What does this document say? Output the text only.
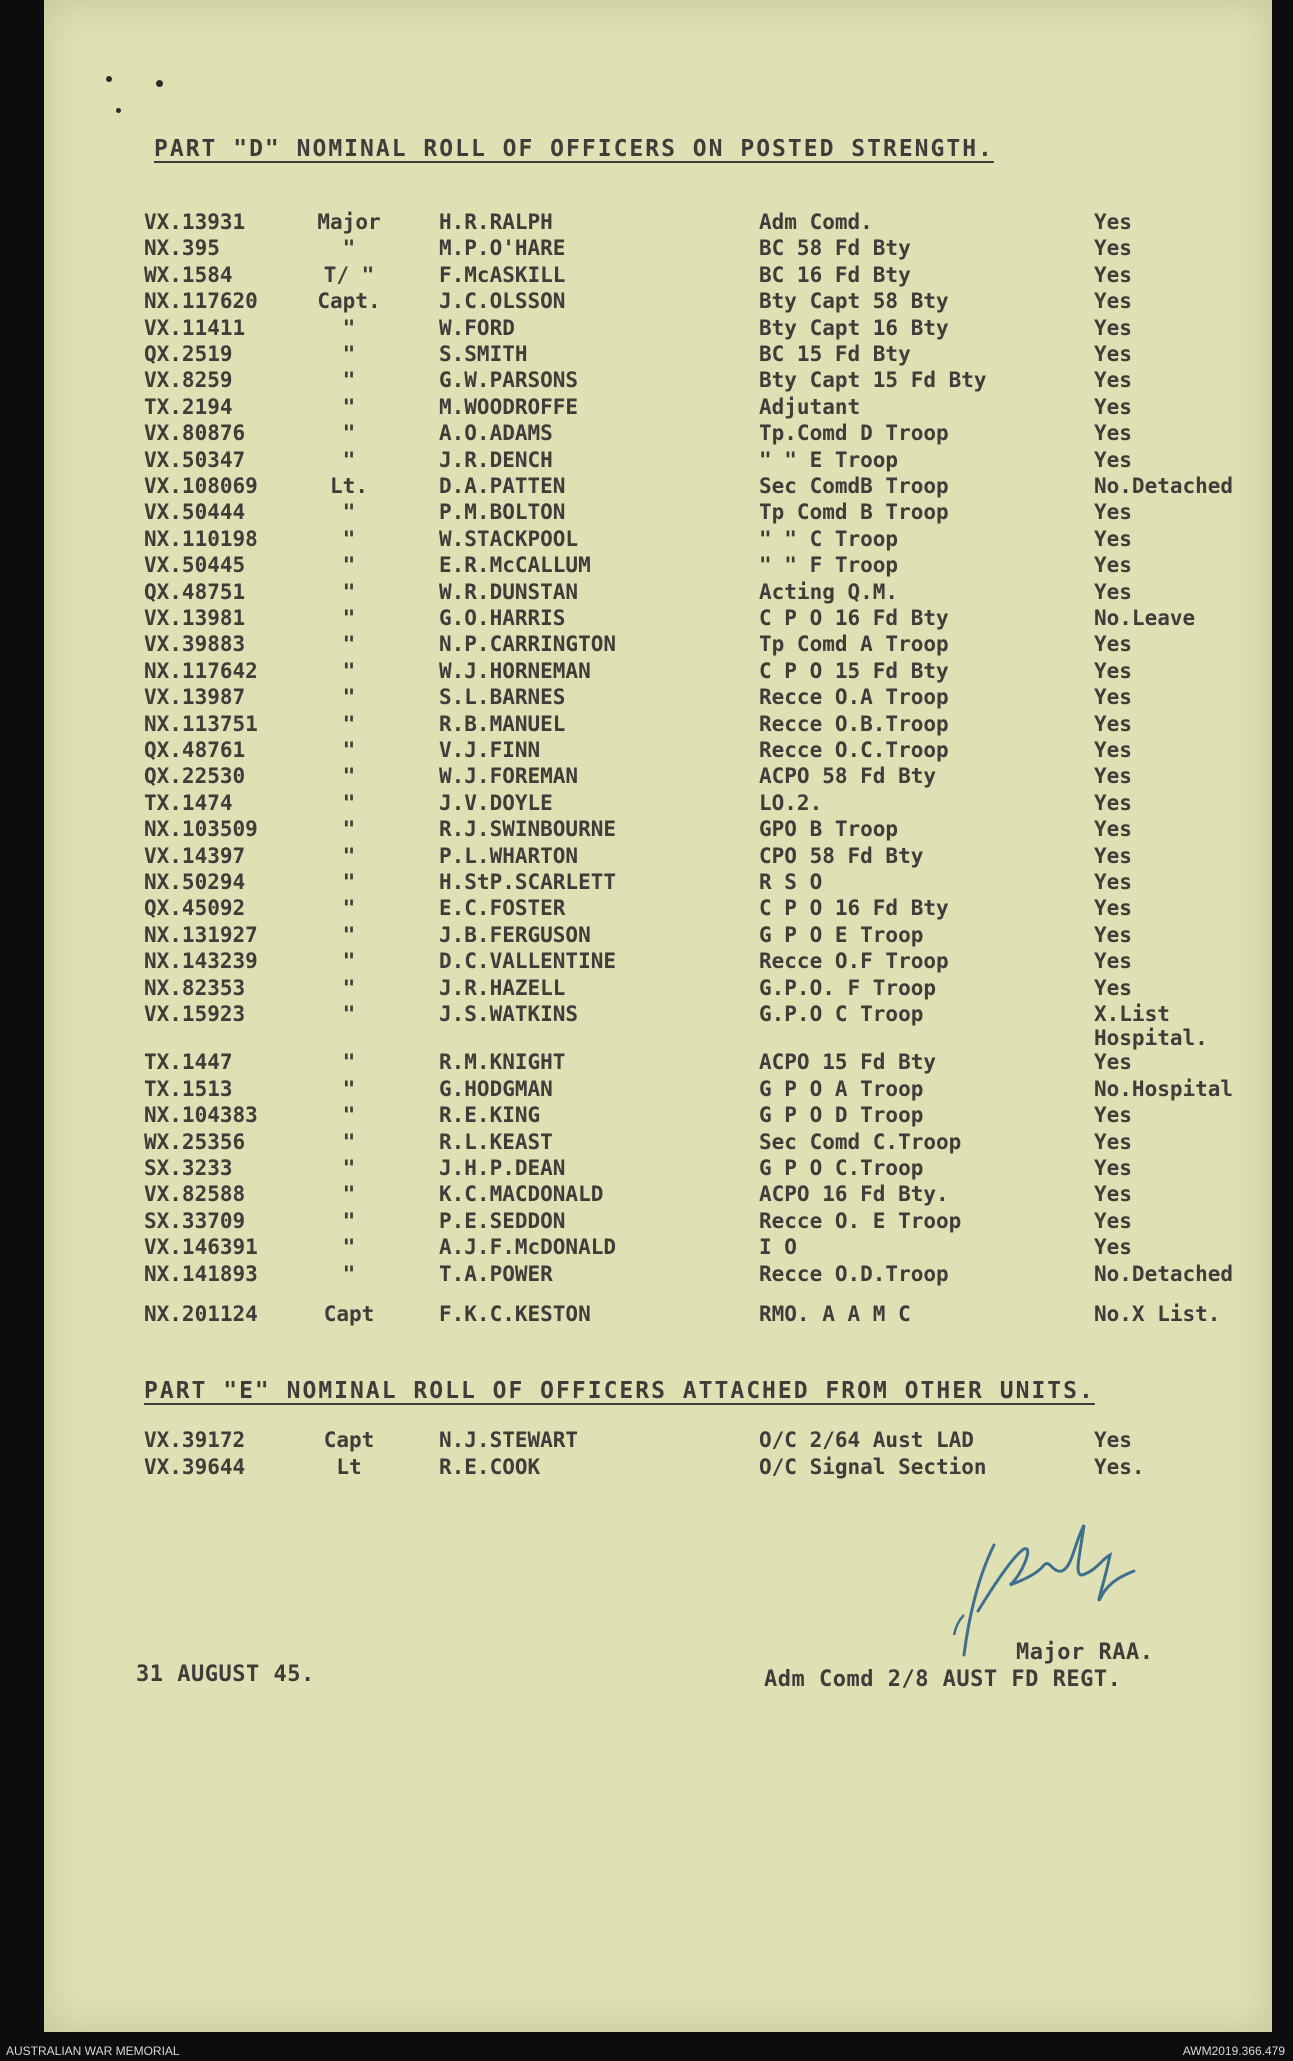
PART "D" NOMINAL ROLL OF OFFICERS ON POSTED STRENGTH.
VX.13931	Major	H.R.RALPH	Adm Comd.	Yes
NX.395	"	M.P.O'HARE	BC 58 Fd Bty	Yes
WX.1584	T/ "	F.McASKILL	BC 16 Fd Bty	Yes
NX.117620	Capt.	J.C.OLSSON	Bty Capt 58 Bty	Yes
VX.11411	"	W.FORD	Bty Capt 16 Bty	Yes
QX.2519	"	S.SMITH	BC 15 Fd Bty	Yes
VX.8259	"	G.W.PARSONS	Bty Capt 15 Fd Bty	Yes
TX.2194	"	M.WOODROFFE	Adjutant	Yes
VX.80876	"	A.O.ADAMS	Tp.Comd D Troop	Yes
VX.50347	"	J.R.DENCH	" " E Troop	Yes
VX.108069	Lt.	D.A.PATTEN	Sec ComdB Troop	No.Detached
VX.50444	"	P.M.BOLTON	Tp Comd B Troop	Yes
NX.110198	"	W.STACKPOOL	" " C Troop	Yes
VX.50445	"	E.R.McCALLUM	" " F Troop	Yes
QX.48751	"	W.R.DUNSTAN	Acting Q.M.	Yes
VX.13981	"	G.O.HARRIS	C P O 16 Fd Bty	No.Leave
VX.39883	"	N.P.CARRINGTON	Tp Comd A Troop	Yes
NX.117642	"	W.J.HORNEMAN	C P O 15 Fd Bty	Yes
VX.13987	"	S.L.BARNES	Recce O.A Troop	Yes
NX.113751	"	R.B.MANUEL	Recce O.B.Troop	Yes
QX.48761	"	V.J.FINN	Recce O.C.Troop	Yes
QX.22530	"	W.J.FOREMAN	ACPO 58 Fd Bty	Yes
TX.1474	"	J.V.DOYLE	LO.2.	Yes
NX.103509	"	R.J.SWINBOURNE	GPO B Troop	Yes
VX.14397	"	P.L.WHARTON	CPO 58 Fd Bty	Yes
NX.50294	"	H.StP.SCARLETT	R S O	Yes
QX.45092	"	E.C.FOSTER	C P O 16 Fd Bty	Yes
NX.131927	"	J.B.FERGUSON	G P O E Troop	Yes
NX.143239	"	D.C.VALLENTINE	Recce O.F Troop	Yes
NX.82353	"	J.R.HAZELL	G.P.O. F Troop	Yes
VX.15923	"	J.S.WATKINS	G.P.O C Troop	X.List
Hospital.
TX.1447	"	R.M.KNIGHT	ACPO 15 Fd Bty	Yes
TX.1513	"	G.HODGMAN	G P O A Troop	No.Hospital
NX.104383	"	R.E.KING	G P O D Troop	Yes
WX.25356	"	R.L.KEAST	Sec Comd C.Troop	Yes
SX.3233	"	J.H.P.DEAN	G P O C.Troop	Yes
VX.82588	"	K.C.MACDONALD	ACPO 16 Fd Bty.	Yes
SX.33709	"	P.E.SEDDON	Recce O. E Troop	Yes
VX.146391	"	A.J.F.McDONALD	I O	Yes
NX.141893	"	T.A.POWER	Recce O.D.Troop	No.Detached
NX.201124	Capt	F.K.C.KESTON	RMO. A A M C	No.X List.
PART "E" NOMINAL ROLL OF OFFICERS ATTACHED FROM OTHER UNITS.
VX.39172	Capt	N.J.STEWART	O/C 2/64 Aust LAD	Yes
VX.39644	Lt	R.E.COOK	O/C Signal Section	Yes.
Major RAA.
31 AUGUST 45.	Adm Comd 2/8 AUST FD REGT.
AUSTRALIAN WAR MEMORIAL	AWM2019.366.479
